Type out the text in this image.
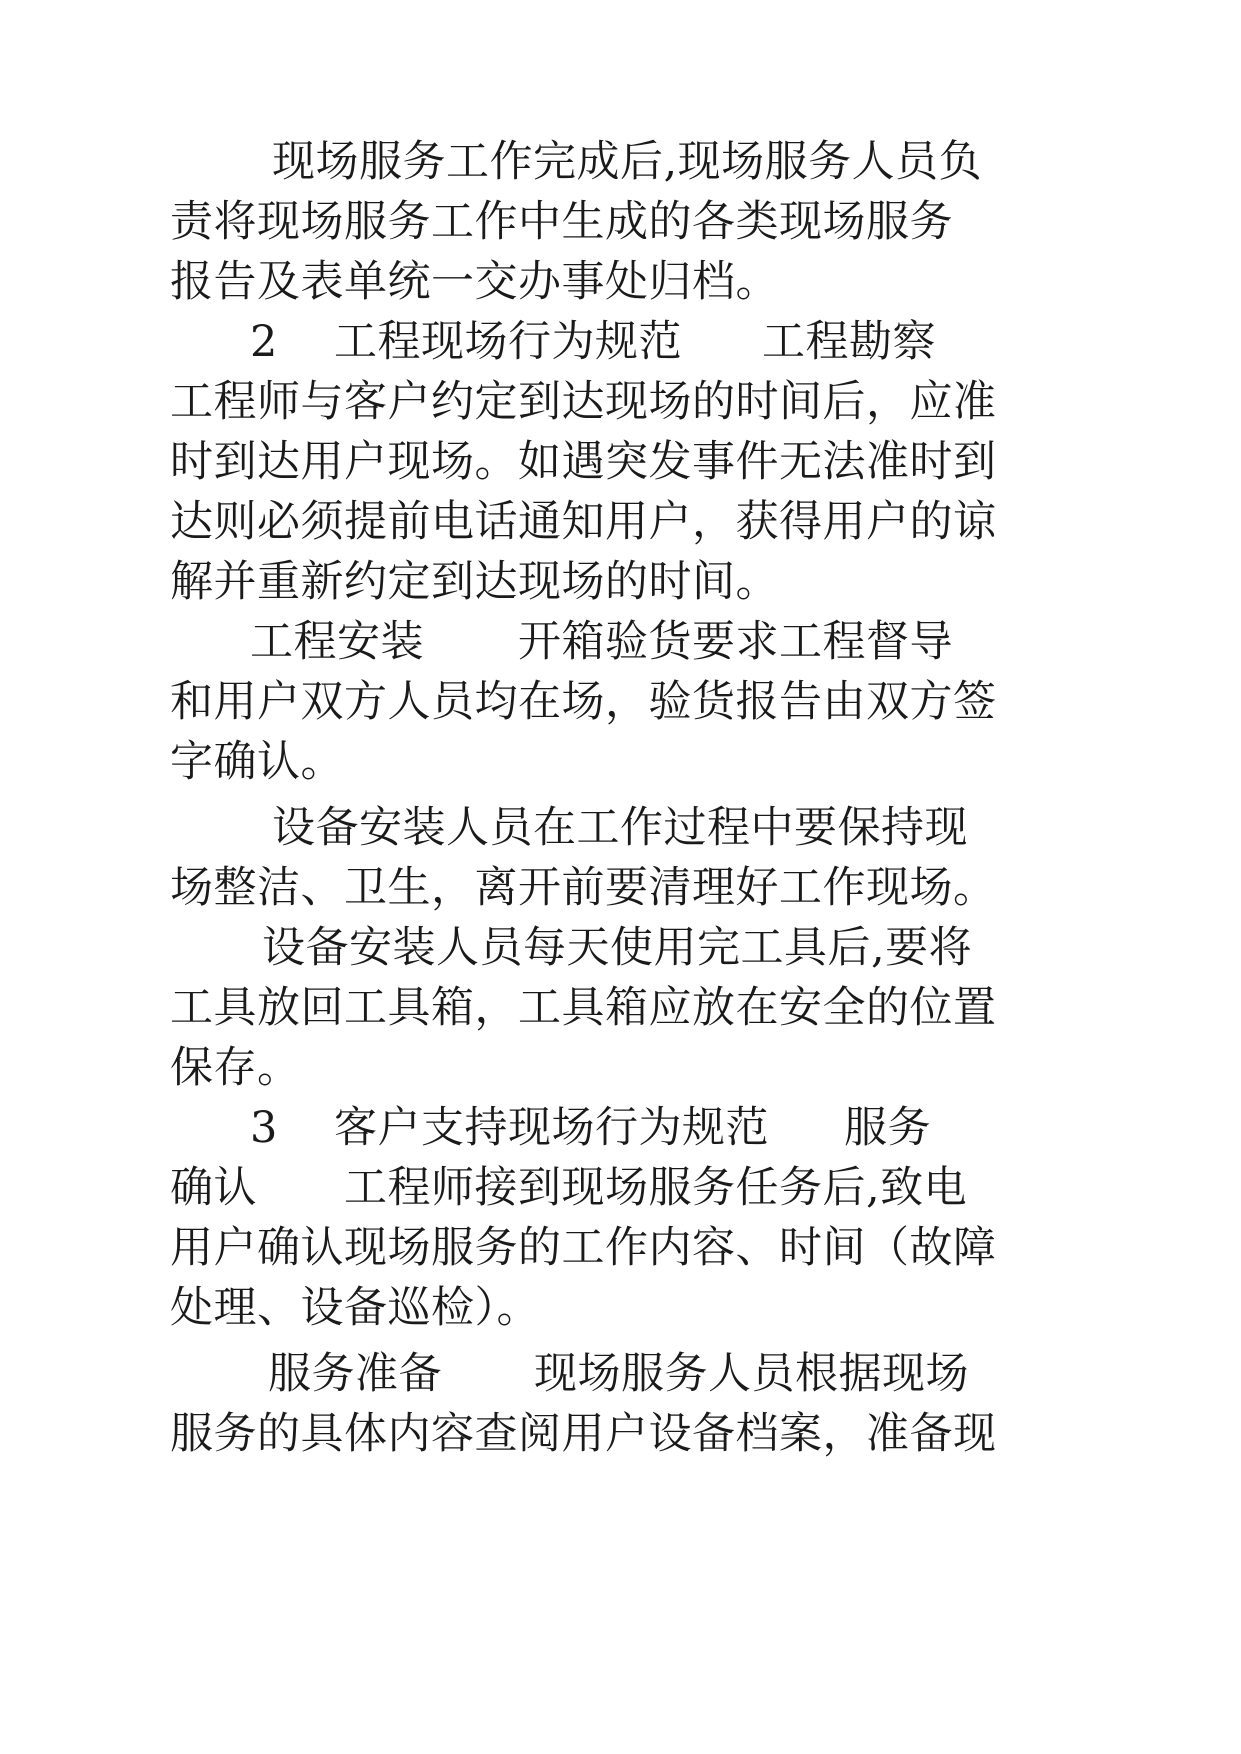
现场服务工作完成后,现场服务人员负
责将现场服务工作中生成的各类现场服务
报告及表单统一交办事处归档。
2 工程现场行为规范 工程勘察
工程师与客户约定到达现场的时间后，应准
时到达用户现场。如遇突发事件无法准时到
达则必须提前电话通知用户，获得用户的谅
解并重新约定到达现场的时间。
工程安装 开箱验货要求工程督导
和用户双方人员均在场，验货报告由双方签
字确认。
设备安装人员在工作过程中要保持现
场整洁、卫生，离开前要清理好工作现场。
设备安装人员每天使用完工具后,要将
工具放回工具箱，工具箱应放在安全的位置
保存。
3 客户支持现场行为规范 服务
确认 工程师接到现场服务任务后,致电
用户确认现场服务的工作内容、时间（故障
处理、设备巡检）。
服务准备 现场服务人员根据现场
服务的具体内容查阅用户设备档案，准备现
